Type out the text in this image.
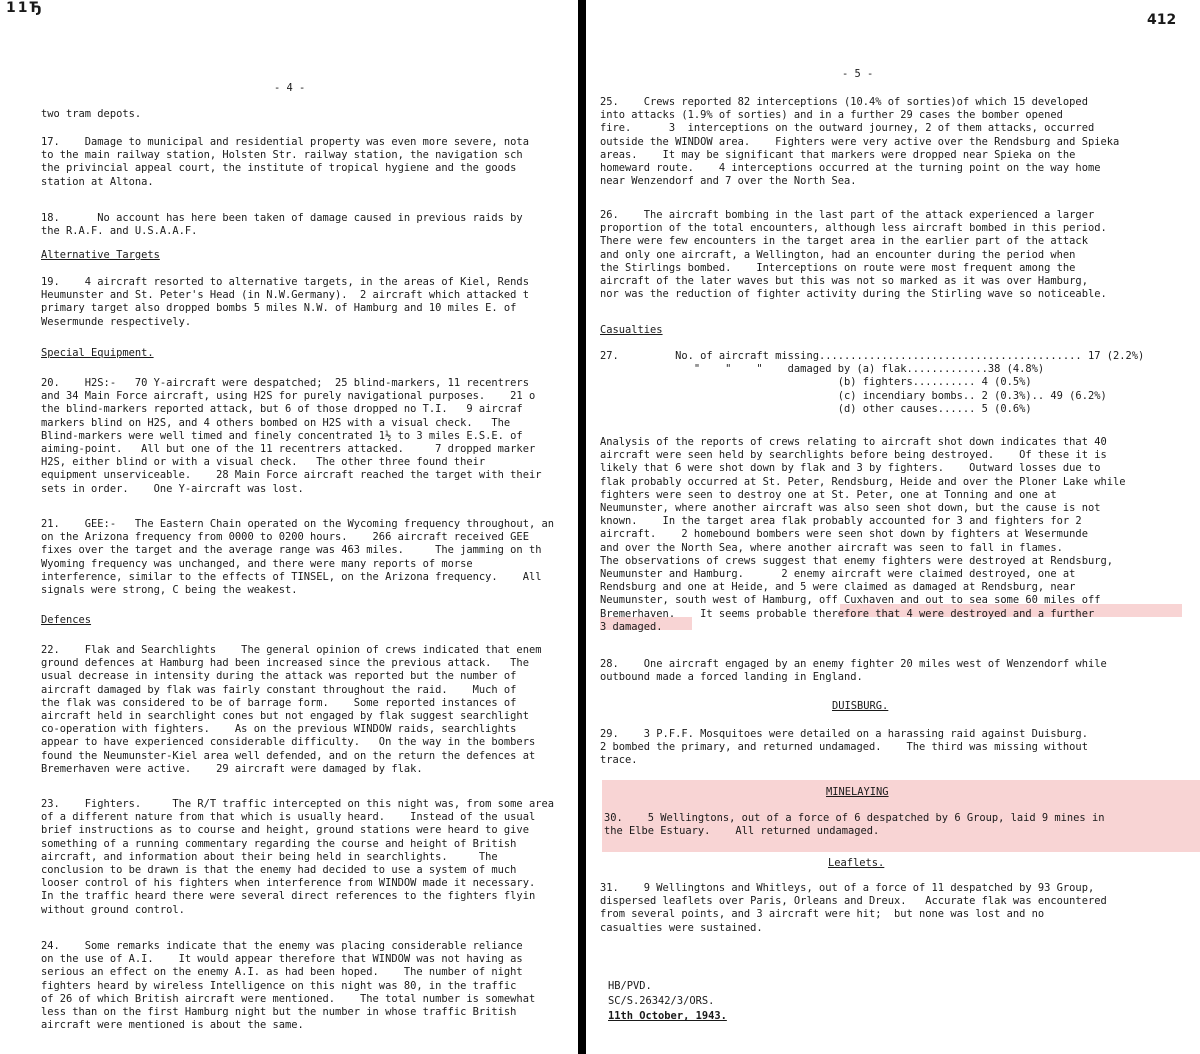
11Ђ
- 4 -

two tram depots.

17.    Damage to municipal and residential property was even more severe, nota
to the main railway station, Holsten Str. railway station, the navigation sch
the privincial appeal court, the institute of tropical hygiene and the goods
station at Altona.

18.      No account has here been taken of damage caused in previous raids by
the R.A.F. and U.S.A.A.F.

Alternative Targets

19.    4 aircraft resorted to alternative targets, in the areas of Kiel, Rends
Heumunster and St. Peter's Head (in N.W.Germany).  2 aircraft which attacked t
primary target also dropped bombs 5 miles N.W. of Hamburg and 10 miles E. of
Wesermunde respectively.

Special Equipment.

20.    H2S:-   70 Y-aircraft were despatched;  25 blind-markers, 11 recentrers
and 34 Main Force aircraft, using H2S for purely navigational purposes.    21 o
the blind-markers reported attack, but 6 of those dropped no T.I.   9 aircraf
markers blind on H2S, and 4 others bombed on H2S with a visual check.   The
Blind-markers were well timed and finely concentrated 1½ to 3 miles E.S.E. of
aiming-point.   All but one of the 11 recentrers attacked.     7 dropped marker
H2S, either blind or with a visual check.   The other three found their
equipment unserviceable.    28 Main Force aircraft reached the target with their
sets in order.    One Y-aircraft was lost.

21.    GEE:-   The Eastern Chain operated on the Wycoming frequency throughout, an
on the Arizona frequency from 0000 to 0200 hours.    266 aircraft received GEE
fixes over the target and the average range was 463 miles.     The jamming on th
Wyoming frequency was unchanged, and there were many reports of morse
interference, similar to the effects of TINSEL, on the Arizona frequency.    All
signals were strong, C being the weakest.

Defences

22.    Flak and Searchlights    The general opinion of crews indicated that enem
ground defences at Hamburg had been increased since the previous attack.   The
usual decrease in intensity during the attack was reported but the number of
aircraft damaged by flak was fairly constant throughout the raid.    Much of
the flak was considered to be of barrage form.    Some reported instances of
aircraft held in searchlight cones but not engaged by flak suggest searchlight
co-operation with fighters.    As on the previous WINDOW raids, searchlights
appear to have experienced considerable difficulty.   On the way in the bombers
found the Neumunster-Kiel area well defended, and on the return the defences at
Bremerhaven were active.    29 aircraft were damaged by flak.

23.    Fighters.     The R/T traffic intercepted on this night was, from some area
of a different nature from that which is usually heard.    Instead of the usual
brief instructions as to course and height, ground stations were heard to give
something of a running commentary regarding the course and height of British
aircraft, and information about their being held in searchlights.     The
conclusion to be drawn is that the enemy had decided to use a system of much
looser control of his fighters when interference from WINDOW made it necessary.
In the traffic heard there were several direct references to the fighters flyin
without ground control.

24.    Some remarks indicate that the enemy was placing considerable reliance
on the use of A.I.    It would appear therefore that WINDOW was not having as
serious an effect on the enemy A.I. as had been hoped.    The number of night
fighters heard by wireless Intelligence on this night was 80, in the traffic
of 26 of which British aircraft were mentioned.    The total number is somewhat
less than on the first Hamburg night but the number in whose traffic British
aircraft were mentioned is about the same.

412
- 5 -

25.    Crews reported 82 interceptions (10.4% of sorties)of which 15 developed
into attacks (1.9% of sorties) and in a further 29 cases the bomber opened
fire.      3  interceptions on the outward journey, 2 of them attacks, occurred
outside the WINDOW area.    Fighters were very active over the Rendsburg and Spieka
areas.    It may be significant that markers were dropped near Spieka on the
homeward route.    4 interceptions occurred at the turning point on the way home
near Wenzendorf and 7 over the North Sea.

26.    The aircraft bombing in the last part of the attack experienced a larger
proportion of the total encounters, although less aircraft bombed in this period.
There were few encounters in the target area in the earlier part of the attack
and only one aircraft, a Wellington, had an encounter during the period when
the Stirlings bombed.    Interceptions on route were most frequent among the
aircraft of the later waves but this was not so marked as it was over Hamburg,
nor was the reduction of fighter activity during the Stirling wave so noticeable.

Casualties

27.         No. of aircraft missing.......................................... 17 (2.2%)
"    "    "    damaged by (a) flak.............38 (4.8%)
(b) fighters.......... 4 (0.5%)
(c) incendiary bombs.. 2 (0.3%).. 49 (6.2%)
(d) other causes...... 5 (0.6%)

Analysis of the reports of crews relating to aircraft shot down indicates that 40
aircraft were seen held by searchlights before being destroyed.    Of these it is
likely that 6 were shot down by flak and 3 by fighters.    Outward losses due to
flak probably occurred at St. Peter, Rendsburg, Heide and over the Ploner Lake while
fighters were seen to destroy one at St. Peter, one at Tonning and one at
Neumunster, where another aircraft was also seen shot down, but the cause is not
known.    In the target area flak probably accounted for 3 and fighters for 2
aircraft.    2 homebound bombers were seen shot down by fighters at Wesermunde
and over the North Sea, where another aircraft was seen to fall in flames.
The observations of crews suggest that enemy fighters were destroyed at Rendsburg,
Neumunster and Hamburg.      2 enemy aircraft were claimed destroyed, one at
Rendsburg and one at Heide, and 5 were claimed as damaged at Rendsburg, near
Neumunster, south west of Hamburg, off Cuxhaven and out to sea some 60 miles off
Bremerhaven.    It seems probable therefore that 4 were destroyed and a further
3 damaged.

28.    One aircraft engaged by an enemy fighter 20 miles west of Wenzendorf while
outbound made a forced landing in England.

DUISBURG.

29.    3 P.F.F. Mosquitoes were detailed on a harassing raid against Duisburg.
2 bombed the primary, and returned undamaged.    The third was missing without
trace.

MINELAYING

30.    5 Wellingtons, out of a force of 6 despatched by 6 Group, laid 9 mines in
the Elbe Estuary.    All returned undamaged.

Leaflets.

31.    9 Wellingtons and Whitleys, out of a force of 11 despatched by 93 Group,
dispersed leaflets over Paris, Orleans and Dreux.   Accurate flak was encountered
from several points, and 3 aircraft were hit;  but none was lost and no
casualties were sustained.

HB/PVD.
SC/S.26342/3/ORS.
11th October, 1943.
